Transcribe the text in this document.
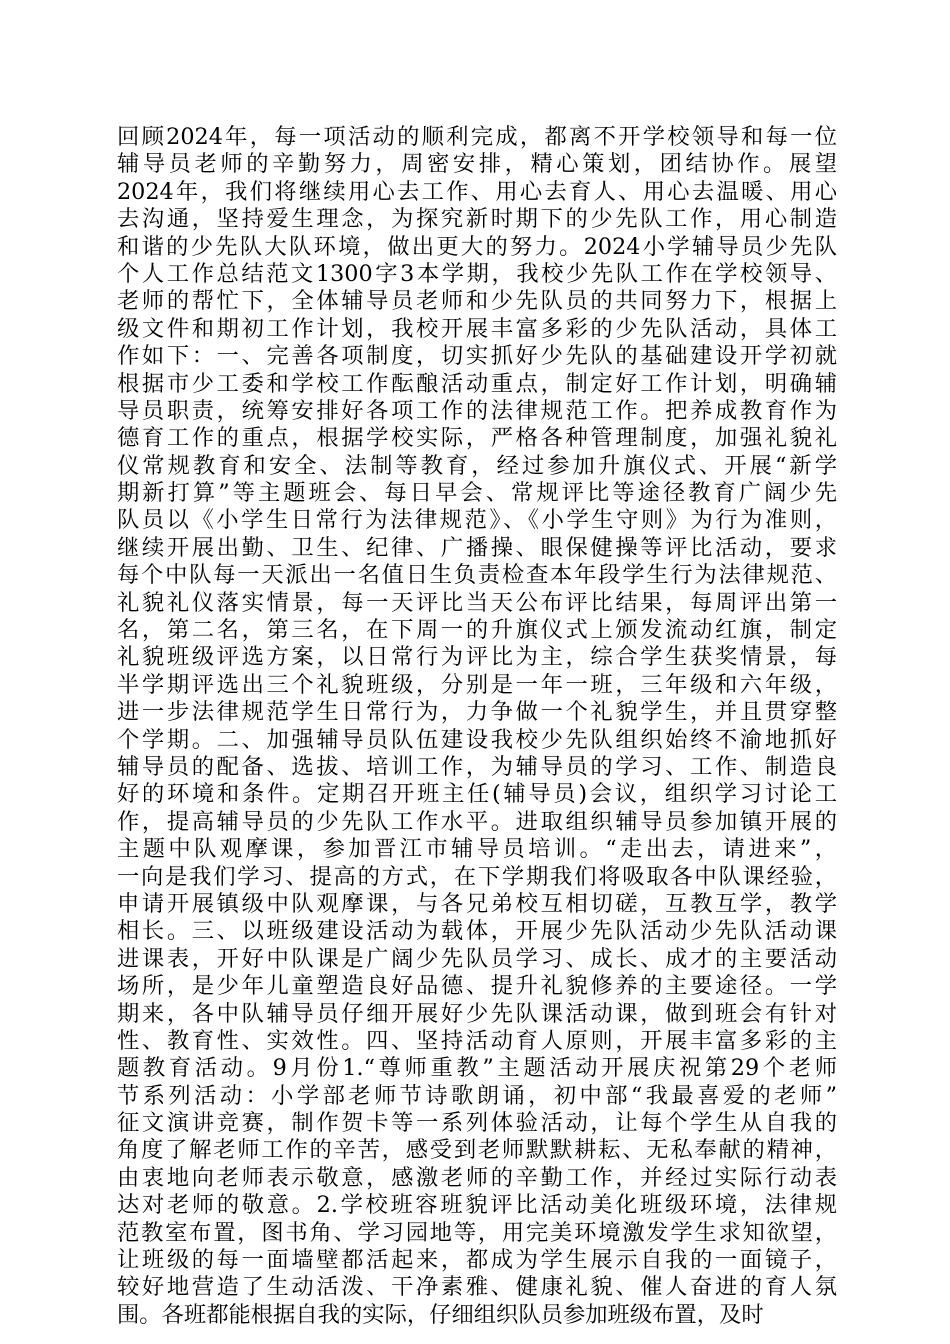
回顾2024年，每一项活动的顺利完成，都离不开学校领导和每一位
辅导员老师的辛勤努力，周密安排，精心策划，团结协作。展望
2024年，我们将继续用心去工作、用心去育人、用心去温暖、用心
去沟通，坚持爱生理念，为探究新时期下的少先队工作，用心制造
和谐的少先队大队环境，做出更大的努力。2024小学辅导员少先队
个人工作总结范文1300字3本学期，我校少先队工作在学校领导、
老师的帮忙下，全体辅导员老师和少先队员的共同努力下，根据上
级文件和期初工作计划，我校开展丰富多彩的少先队活动，具体工
作如下：一、完善各项制度，切实抓好少先队的基础建设开学初就
根据市少工委和学校工作酝酿活动重点，制定好工作计划，明确辅
导员职责，统筹安排好各项工作的法律规范工作。把养成教育作为
德育工作的重点，根据学校实际，严格各种管理制度，加强礼貌礼
仪常规教育和安全、法制等教育，经过参加升旗仪式、开展“新学
期新打算”等主题班会、每日早会、常规评比等途径教育广阔少先
队员以《小学生日常行为法律规范》、《小学生守则》为行为准则，
继续开展出勤、卫生、纪律、广播操、眼保健操等评比活动，要求
每个中队每一天派出一名值日生负责检查本年段学生行为法律规范、
礼貌礼仪落实情景，每一天评比当天公布评比结果，每周评出第一
名，第二名，第三名，在下周一的升旗仪式上颁发流动红旗，制定
礼貌班级评选方案，以日常行为评比为主，综合学生获奖情景，每
半学期评选出三个礼貌班级，分别是一年一班，三年级和六年级，
进一步法律规范学生日常行为，力争做一个礼貌学生，并且贯穿整
个学期。二、加强辅导员队伍建设我校少先队组织始终不渝地抓好
辅导员的配备、选拔、培训工作，为辅导员的学习、工作、制造良
好的环境和条件。定期召开班主任(辅导员)会议，组织学习讨论工
作，提高辅导员的少先队工作水平。进取组织辅导员参加镇开展的
主题中队观摩课，参加晋江市辅导员培训。“走出去，请进来”，
一向是我们学习、提高的方式，在下学期我们将吸取各中队课经验，
申请开展镇级中队观摩课，与各兄弟校互相切磋，互教互学，教学
相长。三、以班级建设活动为载体，开展少先队活动少先队活动课
进课表，开好中队课是广阔少先队员学习、成长、成才的主要活动
场所，是少年儿童塑造良好品德、提升礼貌修养的主要途径。一学
期来，各中队辅导员仔细开展好少先队课活动课，做到班会有针对
性、教育性、实效性。四、坚持活动育人原则，开展丰富多彩的主
题教育活动。9月份1.“尊师重教”主题活动开展庆祝第29个老师
节系列活动：小学部老师节诗歌朗诵，初中部“我最喜爱的老师”
征文演讲竞赛，制作贺卡等一系列体验活动，让每个学生从自我的
角度了解老师工作的辛苦，感受到老师默默耕耘、无私奉献的精神，
由衷地向老师表示敬意，感激老师的辛勤工作，并经过实际行动表
达对老师的敬意。2.学校班容班貌评比活动美化班级环境，法律规
范教室布置，图书角、学习园地等，用完美环境激发学生求知欲望，
让班级的每一面墙壁都活起来，都成为学生展示自我的一面镜子，
较好地营造了生动活泼、干净素雅、健康礼貌、催人奋进的育人氛
围。各班都能根据自我的实际，仔细组织队员参加班级布置，及时
